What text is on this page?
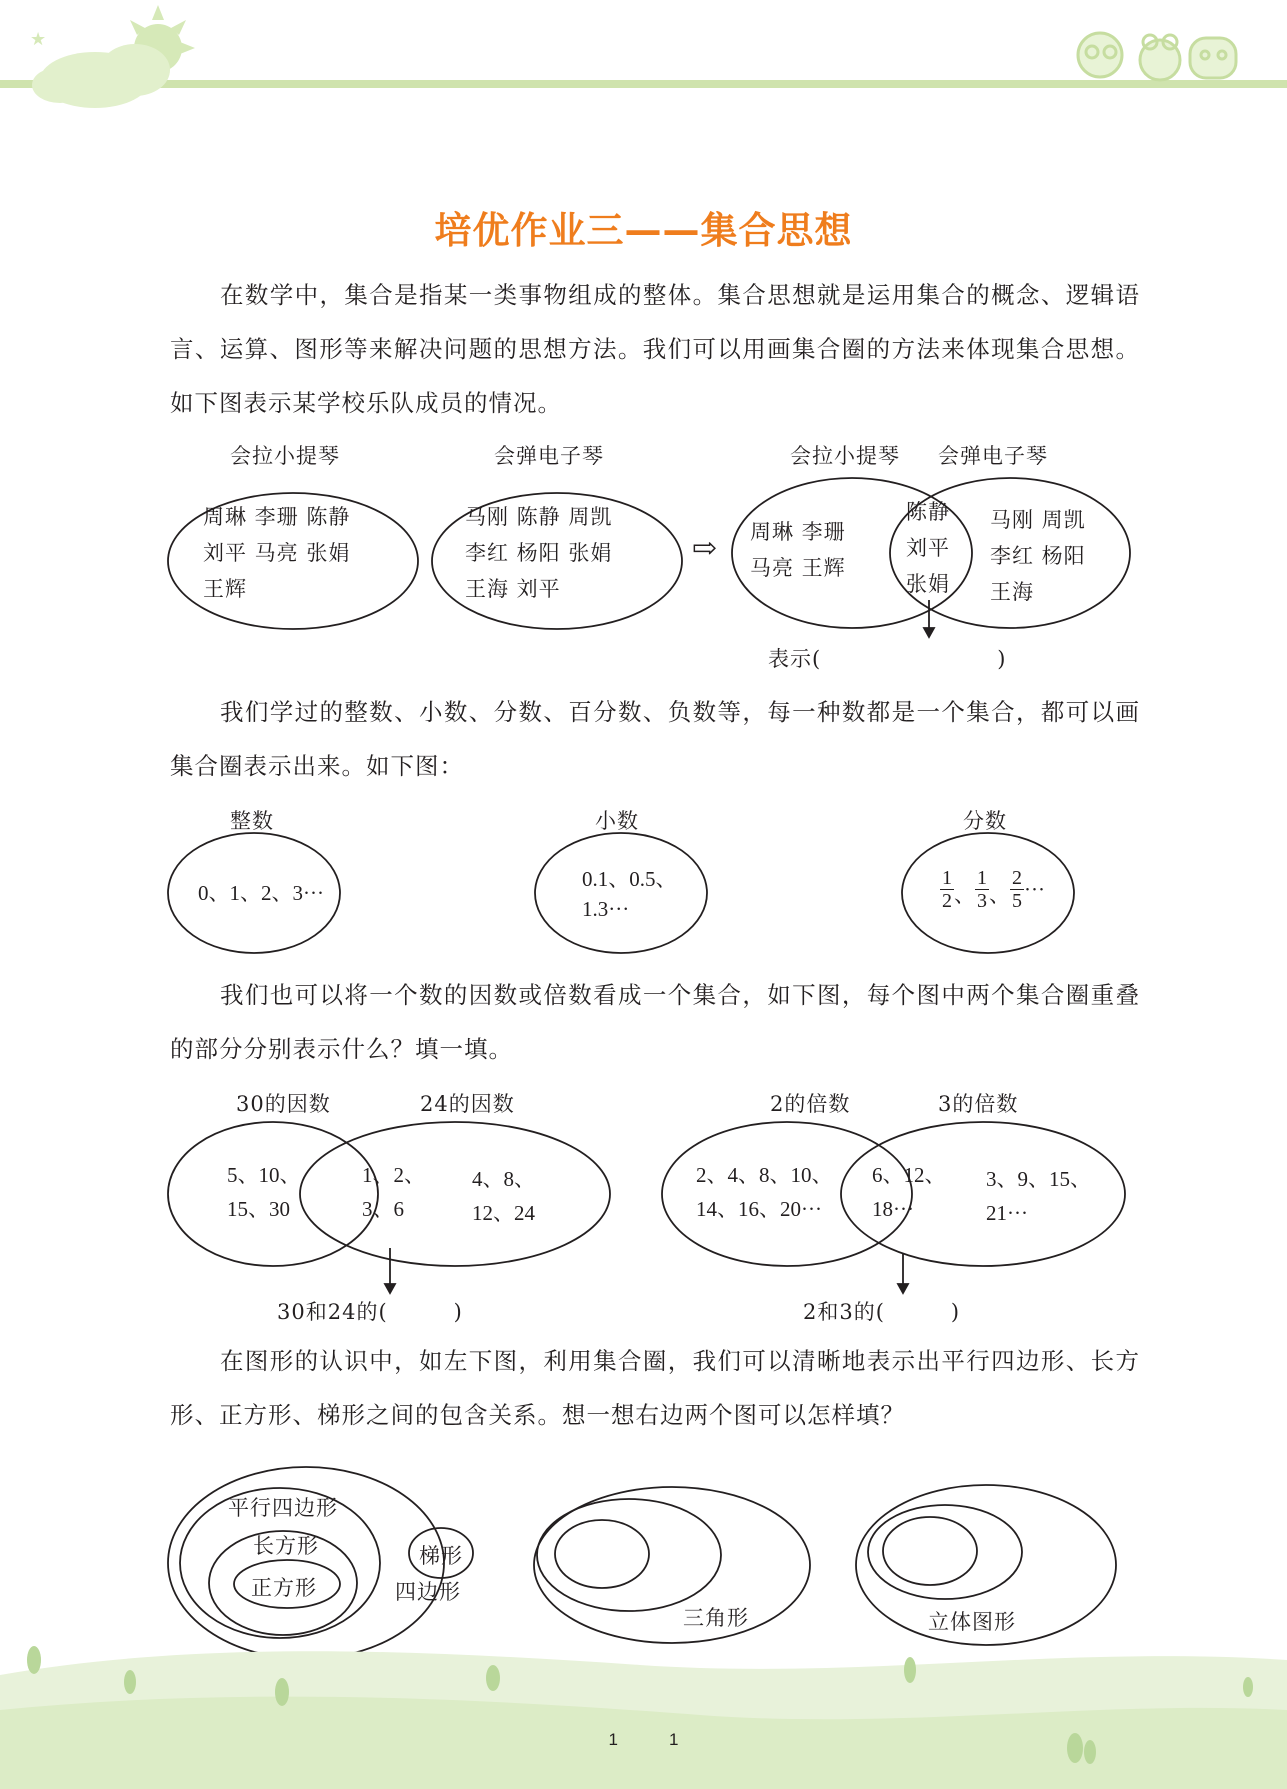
★
培优作业三——集合思想
在数学中，集合是指某一类事物组成的整体。集合思想就是运用集合的概念、逻辑语言、运算、图形等来解决问题的思想方法。我们可以用画集合圈的方法来体现集合思想。如下图表示某学校乐队成员的情况。
会拉小提琴	会弹电子琴	会拉小提琴 会弹电子琴
周琳 李珊 陈静
刘平 马亮 张娟
王辉
马刚 陈静 周凯
李红 杨阳 张娟
王海 刘平
⇨ 周琳 李珊
马亮 王辉
陈静
刘平
张娟
马刚 周凯
李红 杨阳
王海
表示(　　　　　　　　)
我们学过的整数、小数、分数、百分数、负数等，每一种数都是一个集合，都可以画集合圈表示出来。如下图：
整数	小数	分数
0、1、2、3···
0.1、0.5、
1.3···	$\frac{1}{2}$ 、 $\frac{1}{3}$ 、 $\frac{2}{5}$ ···
我们也可以将一个数的因数或倍数看成一个集合，如下图，每个图中两个集合圈重叠的部分分别表示什么？填一填。
30的因数	24的因数
5、10、
15、30
1、2、
3、6
4、8、
12、24
30和24的(　　　)
2的倍数	3的倍数
2、4、8、10、
14、16、20···
6、12、
18···
3、9、15、
21···
2和3的(　　　)
在图形的认识中，如左下图，利用集合圈，我们可以清晰地表示出平行四边形、长方形、正方形、梯形之间的包含关系。想一想右边两个图可以怎样填？
平行四边形
长方形
正方形
梯形
四边形
三角形	立体图形
1　　　1
